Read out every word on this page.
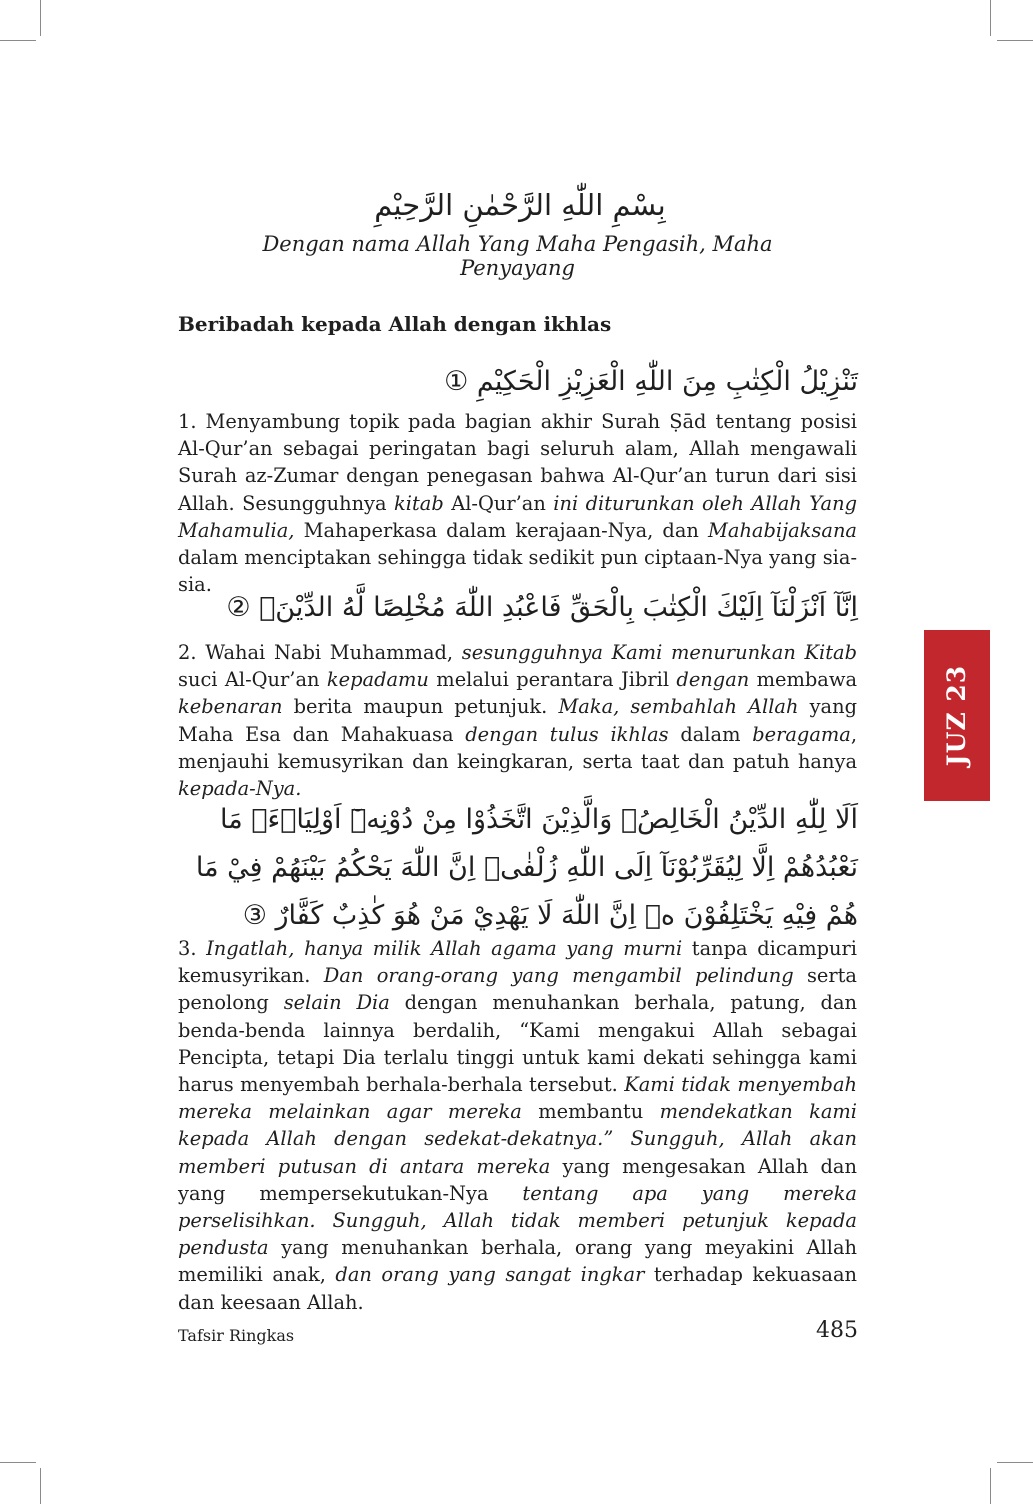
بِسْمِ اللّٰهِ الرَّحْمٰنِ الرَّحِيْمِ
Dengan nama Allah Yang Maha Pengasih, Maha Penyayang
Beribadah kepada Allah dengan ikhlas
تَنْزِيْلُ الْكِتٰبِ مِنَ اللّٰهِ الْعَزِيْزِ الْحَكِيْمِ ①

1. Menyambung topik pada bagian akhir Surah Ṣād tentang posisi Al-Qur’an sebagai peringatan bagi seluruh alam, Allah mengawali Surah az-Zumar dengan penegasan bahwa Al-Qur’an turun dari sisi Allah. Sesungguhnya kitab Al-Qur’an ini diturunkan oleh Allah Yang Mahamulia, Mahaperkasa dalam kerajaan-Nya, dan Mahabijaksana dalam menciptakan sehingga tidak sedikit pun ciptaan-Nya yang sia-sia.

اِنَّآ اَنْزَلْنَآ اِلَيْكَ الْكِتٰبَ بِالْحَقِّ فَاعْبُدِ اللّٰهَ مُخْلِصًا لَّهُ الدِّيْنَۗ ②

2. Wahai Nabi Muhammad, sesungguhnya Kami menurunkan Kitab suci Al-Qur’an kepadamu melalui perantara Jibril dengan membawa kebenaran berita maupun petunjuk. Maka, sembahlah Allah yang Maha Esa dan Mahakuasa dengan tulus ikhlas dalam beragama, menjauhi kemusyrikan dan keingkaran, serta taat dan patuh hanya kepada-Nya.

اَلَا لِلّٰهِ الدِّيْنُ الْخَالِصُۗ وَالَّذِيْنَ اتَّخَذُوْا مِنْ دُوْنِهٖٓ اَوْلِيَاۤءَۘ مَا نَعْبُدُهُمْ اِلَّا لِيُقَرِّبُوْنَآ اِلَى اللّٰهِ زُلْفٰىۗ اِنَّ اللّٰهَ يَحْكُمُ بَيْنَهُمْ فِيْ مَا هُمْ فِيْهِ يَخْتَلِفُوْنَ ەۗ اِنَّ اللّٰهَ لَا يَهْدِيْ مَنْ هُوَ كٰذِبٌ كَفَّارٌ ③

3. Ingatlah, hanya milik Allah agama yang murni tanpa dicampuri kemusyrikan. Dan orang-orang yang mengambil pelindung serta penolong selain Dia dengan menuhankan berhala, patung, dan benda-benda lainnya berdalih, “Kami mengakui Allah sebagai Pencipta, tetapi Dia terlalu tinggi untuk kami dekati sehingga kami harus menyembah berhala-berhala tersebut. Kami tidak menyembah mereka melainkan agar mereka membantu mendekatkan kami kepada Allah dengan sedekat-dekatnya.” Sungguh, Allah akan memberi putusan di antara mereka yang mengesakan Allah dan yang mempersekutukan-Nya tentang apa yang mereka perselisihkan. Sungguh, Allah tidak memberi petunjuk kepada pendusta yang menuhankan berhala, orang yang meyakini Allah memiliki anak, dan orang yang sangat ingkar terhadap kekuasaan dan keesaan Allah.

JUZ 23
Tafsir Ringkas	485
